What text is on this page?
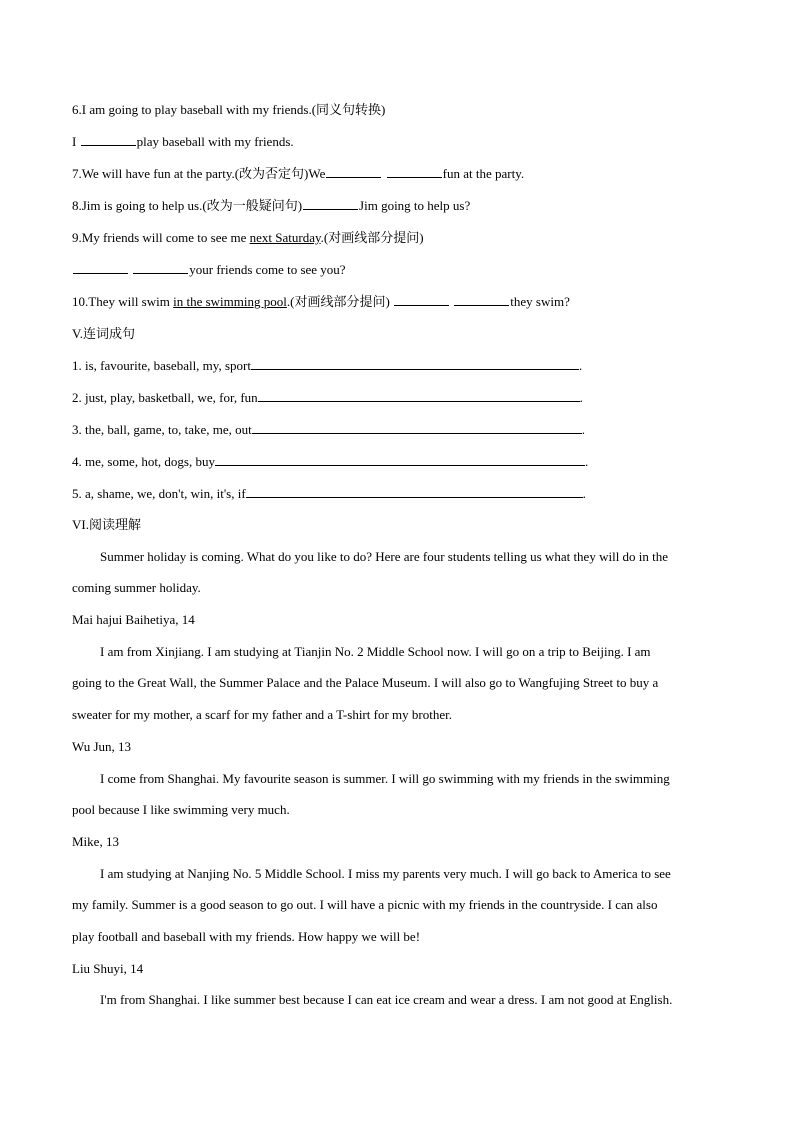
6.I am going to play baseball with my friends.(同义句转换)
I	play baseball with my friends.
7.We will have fun at the party.(改为否定句)We	fun at the party.
8.Jim is going to help us.(改为一般疑问句)	Jim going to help us?
9.My friends will come to see me next Saturday.(对画线部分提问)
your friends come to see you?
10.They will swim in the swimming pool.(对画线部分提问)	they swim?
V.连词成句
1. is, favourite, baseball, my, sport	.
2. just, play, basketball, we, for, fun	.
3. the, ball, game, to, take, me, out	.
4. me, some, hot, dogs, buy	.
5. a, shame, we, don't, win, it's, if	.
VI.阅读理解
Summer holiday is coming. What do you like to do? Here are four students telling us what they will do in the
coming summer holiday.
Mai hajui Baihetiya, 14
I am from Xinjiang. I am studying at Tianjin No. 2 Middle School now. I will go on a trip to Beijing. I am
going to the Great Wall, the Summer Palace and the Palace Museum. I will also go to Wangfujing Street to buy a
sweater for my mother, a scarf for my father and a T-shirt for my brother.
Wu Jun, 13
I come from Shanghai. My favourite season is summer. I will go swimming with my friends in the swimming
pool because I like swimming very much.
Mike, 13
I am studying at Nanjing No. 5 Middle School. I miss my parents very much. I will go back to America to see
my family. Summer is a good season to go out. I will have a picnic with my friends in the countryside. I can also
play football and baseball with my friends. How happy we will be!
Liu Shuyi, 14
I'm from Shanghai. I like summer best because I can eat ice cream and wear a dress. I am not good at English.
